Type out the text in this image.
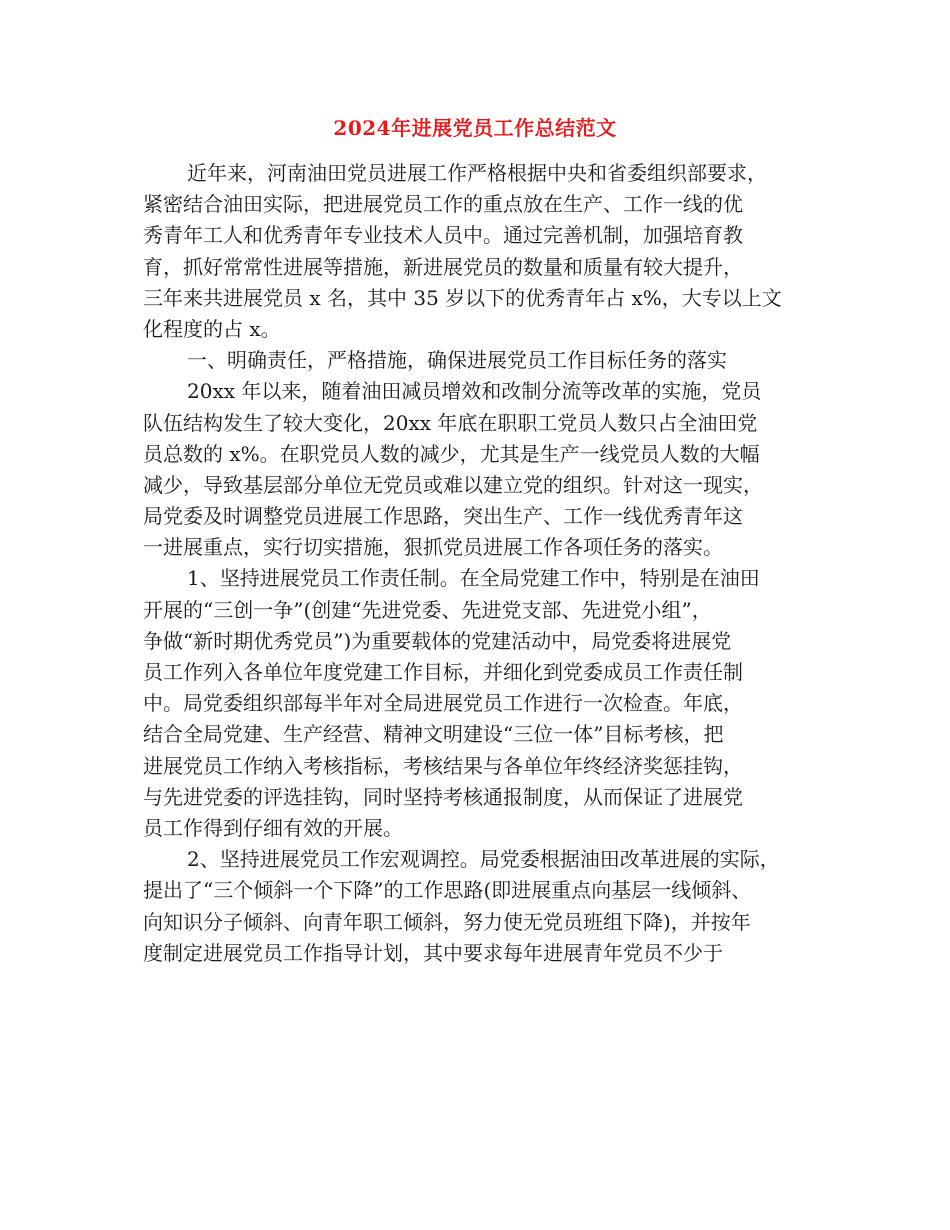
2024年进展党员工作总结范文

近年来，河南油田党员进展工作严格根据中央和省委组织部要求，
紧密结合油田实际，把进展党员工作的重点放在生产、工作一线的优
秀青年工人和优秀青年专业技术人员中。通过完善机制，加强培育教
育，抓好常常性进展等措施，新进展党员的数量和质量有较大提升，
三年来共进展党员 x 名，其中 35 岁以下的优秀青年占 x%，大专以上文
化程度的占 x。

一、明确责任，严格措施，确保进展党员工作目标任务的落实

20xx 年以来，随着油田减员增效和改制分流等改革的实施，党员
队伍结构发生了较大变化，20xx 年底在职职工党员人数只占全油田党
员总数的 x%。在职党员人数的减少，尤其是生产一线党员人数的大幅
减少，导致基层部分单位无党员或难以建立党的组织。针对这一现实，
局党委及时调整党员进展工作思路，突出生产、工作一线优秀青年这
一进展重点，实行切实措施，狠抓党员进展工作各项任务的落实。

1、坚持进展党员工作责任制。在全局党建工作中，特别是在油田
开展的“三创一争”(创建“先进党委、先进党支部、先进党小组”，
争做“新时期优秀党员”)为重要载体的党建活动中，局党委将进展党
员工作列入各单位年度党建工作目标，并细化到党委成员工作责任制
中。局党委组织部每半年对全局进展党员工作进行一次检查。年底，
结合全局党建、生产经营、精神文明建设“三位一体”目标考核，把
进展党员工作纳入考核指标，考核结果与各单位年终经济奖惩挂钩，
与先进党委的评选挂钩，同时坚持考核通报制度，从而保证了进展党
员工作得到仔细有效的开展。

2、坚持进展党员工作宏观调控。局党委根据油田改革进展的实际，
提出了“三个倾斜一个下降”的工作思路(即进展重点向基层一线倾斜、
向知识分子倾斜、向青年职工倾斜，努力使无党员班组下降)，并按年
度制定进展党员工作指导计划，其中要求每年进展青年党员不少于
